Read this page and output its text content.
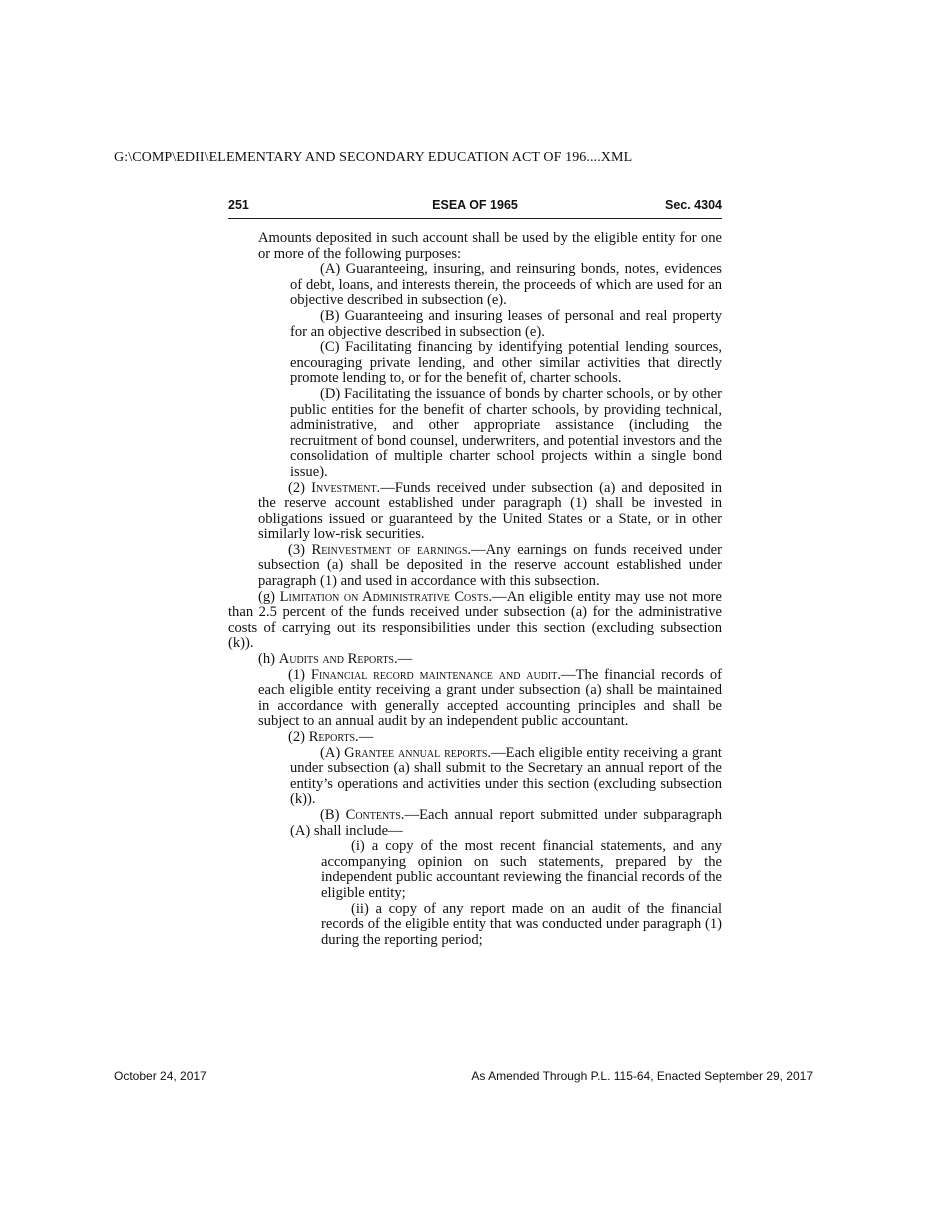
G:\COMP\EDII\ELEMENTARY AND SECONDARY EDUCATION ACT OF 196....XML
ESEA OF 1965
251	Sec. 4304

Amounts deposited in such account shall be used by the eligible entity for one or more of the following purposes:

(A) Guaranteeing, insuring, and reinsuring bonds, notes, evidences of debt, loans, and interests therein, the proceeds of which are used for an objective described in subsection (e).

(B) Guaranteeing and insuring leases of personal and real property for an objective described in subsection (e).

(C) Facilitating financing by identifying potential lending sources, encouraging private lending, and other similar activities that directly promote lending to, or for the benefit of, charter schools.

(D) Facilitating the issuance of bonds by charter schools, or by other public entities for the benefit of charter schools, by providing technical, administrative, and other appropriate assistance (including the recruitment of bond counsel, underwriters, and potential investors and the consolidation of multiple charter school projects within a single bond issue).

(2) Investment.—Funds received under subsection (a) and deposited in the reserve account established under paragraph (1) shall be invested in obligations issued or guaranteed by the United States or a State, or in other similarly low-risk securities.

(3) Reinvestment of earnings.—Any earnings on funds received under subsection (a) shall be deposited in the reserve account established under paragraph (1) and used in accordance with this subsection.

(g) Limitation on Administrative Costs.—An eligible entity may use not more than 2.5 percent of the funds received under subsection (a) for the administrative costs of carrying out its responsibilities under this section (excluding subsection (k)).

(h) Audits and Reports.—

(1) Financial record maintenance and audit.—The financial records of each eligible entity receiving a grant under subsection (a) shall be maintained in accordance with generally accepted accounting principles and shall be subject to an annual audit by an independent public accountant.

(2) Reports.—

(A) Grantee annual reports.—Each eligible entity receiving a grant under subsection (a) shall submit to the Secretary an annual report of the entity’s operations and activities under this section (excluding subsection (k)).

(B) Contents.—Each annual report submitted under subparagraph (A) shall include—

(i) a copy of the most recent financial statements, and any accompanying opinion on such statements, prepared by the independent public accountant reviewing the financial records of the eligible entity;

(ii) a copy of any report made on an audit of the financial records of the eligible entity that was conducted under paragraph (1) during the reporting period;

October 24, 2017	As Amended Through P.L. 115-64, Enacted September 29, 2017
